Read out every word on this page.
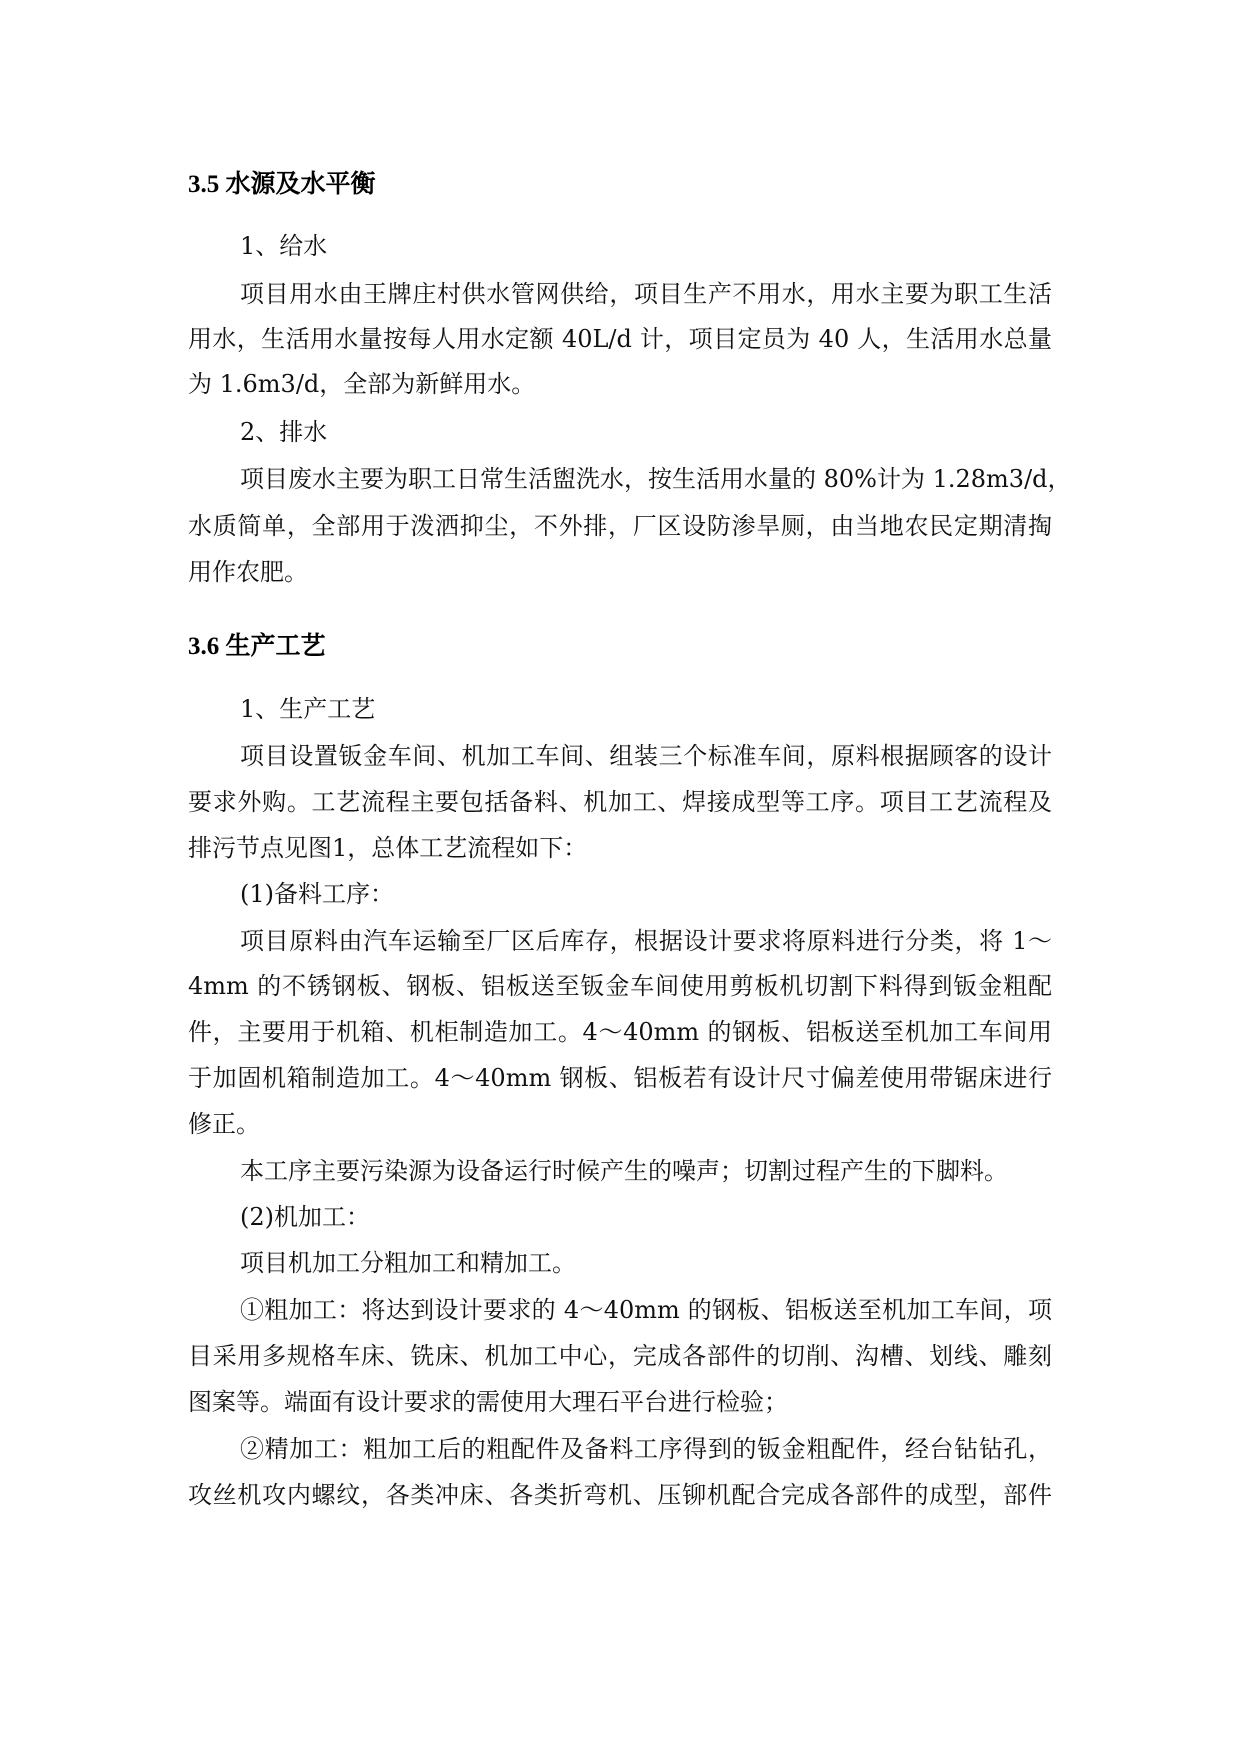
3.5 水源及水平衡
1、给水
项目用水由王牌庄村供水管网供给，项目生产不用水，用水主要为职工生活
用水，生活用水量按每人用水定额 40L/d 计，项目定员为 40 人，生活用水总量
为 1.6m3/d，全部为新鲜用水。
2、排水
项目废水主要为职工日常生活盥洗水，按生活用水量的 80%计为 1.28m3/d，
水质简单，全部用于泼洒抑尘，不外排，厂区设防渗旱厕，由当地农民定期清掏
用作农肥。
3.6 生产工艺
1、生产工艺
项目设置钣金车间、机加工车间、组装三个标准车间，原料根据顾客的设计
要求外购。工艺流程主要包括备料、机加工、焊接成型等工序。项目工艺流程及
排污节点见图1，总体工艺流程如下：
(1)备料工序：
项目原料由汽车运输至厂区后库存，根据设计要求将原料进行分类，将 1～
4mm 的不锈钢板、钢板、铝板送至钣金车间使用剪板机切割下料得到钣金粗配
件，主要用于机箱、机柜制造加工。4～40mm 的钢板、铝板送至机加工车间用
于加固机箱制造加工。4～40mm 钢板、铝板若有设计尺寸偏差使用带锯床进行
修正。
本工序主要污染源为设备运行时候产生的噪声；切割过程产生的下脚料。
(2)机加工：
项目机加工分粗加工和精加工。
①粗加工：将达到设计要求的 4～40mm 的钢板、铝板送至机加工车间，项
目采用多规格车床、铣床、机加工中心，完成各部件的切削、沟槽、划线、雕刻
图案等。端面有设计要求的需使用大理石平台进行检验；
②精加工：粗加工后的粗配件及备料工序得到的钣金粗配件，经台钻钻孔，
攻丝机攻内螺纹，各类冲床、各类折弯机、压铆机配合完成各部件的成型，部件
